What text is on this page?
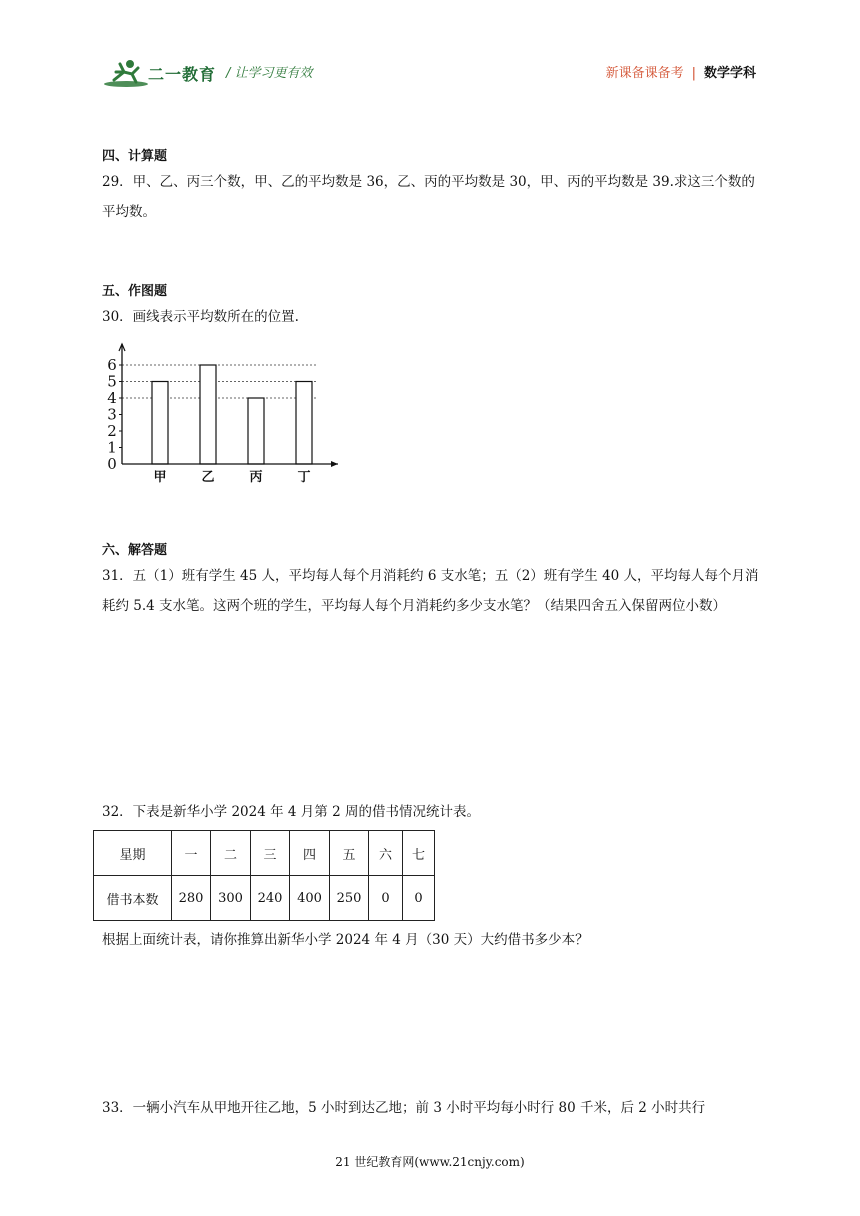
二一教育 / 让学习更有效	新课备课备考 | 数学学科
四、计算题
29．甲、乙、丙三个数，甲、乙的平均数是 36，乙、丙的平均数是 30，甲、丙的平均数是 39.求这三个数的平均数。
五、作图题
30．画线表示平均数所在的位置.
0
1
2
3
4
5
6
甲	乙	丙	丁
六、解答题
31．五（1）班有学生 45 人，平均每人每个月消耗约 6 支水笔；五（2）班有学生 40 人，平均每人每个月消耗约 5.4 支水笔。这两个班的学生，平均每人每个月消耗约多少支水笔？（结果四舍五入保留两位小数）
32．下表是新华小学 2024 年 4 月第 2 周的借书情况统计表。
星期	一	二	三	四	五	六	七
借书本数	280	300	240	400	250	0	0
根据上面统计表，请你推算出新华小学 2024 年 4 月（30 天）大约借书多少本？
33．一辆小汽车从甲地开往乙地，5 小时到达乙地；前 3 小时平均每小时行 80 千米，后 2 小时共行
21 世纪教育网(www.21cnjy.com)
